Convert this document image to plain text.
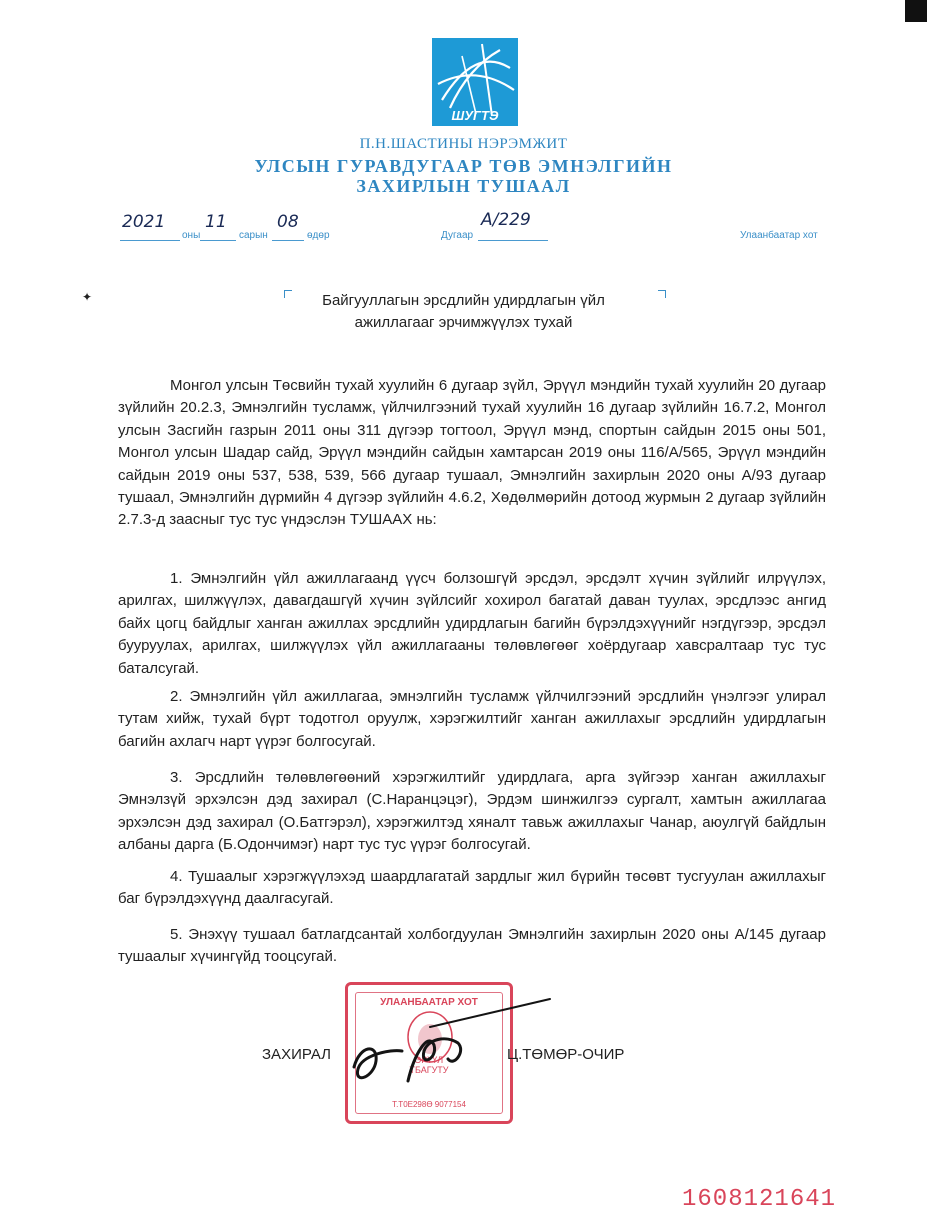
✦
ШУГТЭ
П.Н.ШАСТИНЫ НЭРЭМЖИТ
УЛСЫН ГУРАВДУГААР ТӨВ ЭМНЭЛГИЙН
ЗАХИРЛЫН ТУШААЛ
2021
оны
11
сарын
08
өдөр	Дугаар
А/229
Улаанбаатар хот
Байгууллагын эрсдлийн удирдлагын үйл
ажиллагааг эрчимжүүлэх тухай

Монгол улсын Төсвийн тухай хуулийн 6 дугаар зүйл, Эрүүл мэндийн тухай хуулийн 20 дугаар зүйлийн 20.2.3, Эмнэлгийн тусламж, үйлчилгээний тухай хуулийн 16 дугаар зүйлийн 16.7.2, Монгол улсын Засгийн газрын 2011 оны 311 дүгээр тогтоол, Эрүүл мэнд, спортын сайдын 2015 оны 501, Монгол улсын Шадар сайд, Эрүүл мэндийн сайдын хамтарсан 2019 оны 116/А/565, Эрүүл мэндийн сайдын 2019 оны 537, 538, 539, 566 дугаар тушаал, Эмнэлгийн захирлын 2020 оны А/93 дугаар тушаал, Эмнэлгийн дүрмийн 4 дүгээр зүйлийн 4.6.2, Хөдөлмөрийн дотоод журмын 2 дугаар зүйлийн 2.7.3-д заасныг тус тус үндэслэн ТУШААХ нь:

1. Эмнэлгийн үйл ажиллагаанд үүсч болзошгүй эрсдэл, эрсдэлт хүчин зүйлийг илрүүлэх, арилгах, шилжүүлэх, давагдашгүй хүчин зүйлсийг хохирол багатай даван туулах, эрсдлээс ангид байх цогц байдлыг ханган ажиллах эрсдлийн удирдлагын багийн бүрэлдэхүүнийг нэгдүгээр, эрсдэл бууруулах, арилгах, шилжүүлэх үйл ажиллагааны төлөвлөгөөг хоёрдугаар хавсралтаар тус тус баталсугай.

2. Эмнэлгийн үйл ажиллагаа, эмнэлгийн тусламж үйлчилгээний эрсдлийн үнэлгээг улирал тутам хийж, тухай бүрт тодотгол оруулж, хэрэгжилтийг ханган ажиллахыг эрсдлийн удирдлагын багийн ахлагч нарт үүрэг болгосугай.

3. Эрсдлийн төлөвлөгөөний хэрэгжилтийг удирдлага, арга зүйгээр ханган ажиллахыг Эмнэлзүй эрхэлсэн дэд захирал (С.Наранцэцэг), Эрдэм шинжилгээ сургалт, хамтын ажиллагаа эрхэлсэн дэд захирал (О.Батгэрэл), хэрэгжилтэд хяналт тавьж ажиллахыг Чанар, аюулгүй байдлын албаны дарга (Б.Одончимэг) нарт тус тус үүрэг болгосугай.

4. Тушаалыг хэрэгжүүлэхэд шаардлагатай зардлыг жил бүрийн төсөвт тусгуулан ажиллахыг баг бүрэлдэхүүнд даалгасугай.

5. Энэхүү тушаал батлагдсантай холбогдуулан Эмнэлгийн захирлын 2020 оны А/145 дугаар тушаалыг хүчингүйд тооцсугай.

УЛААНБААТАР ХОТ
ЭРҮҮЛ
ТБАГУТУ
Т.Т0Е298Ө 9077154
ЗАХИРАЛ	Ц.ТӨМӨР-ОЧИР
1608121641
